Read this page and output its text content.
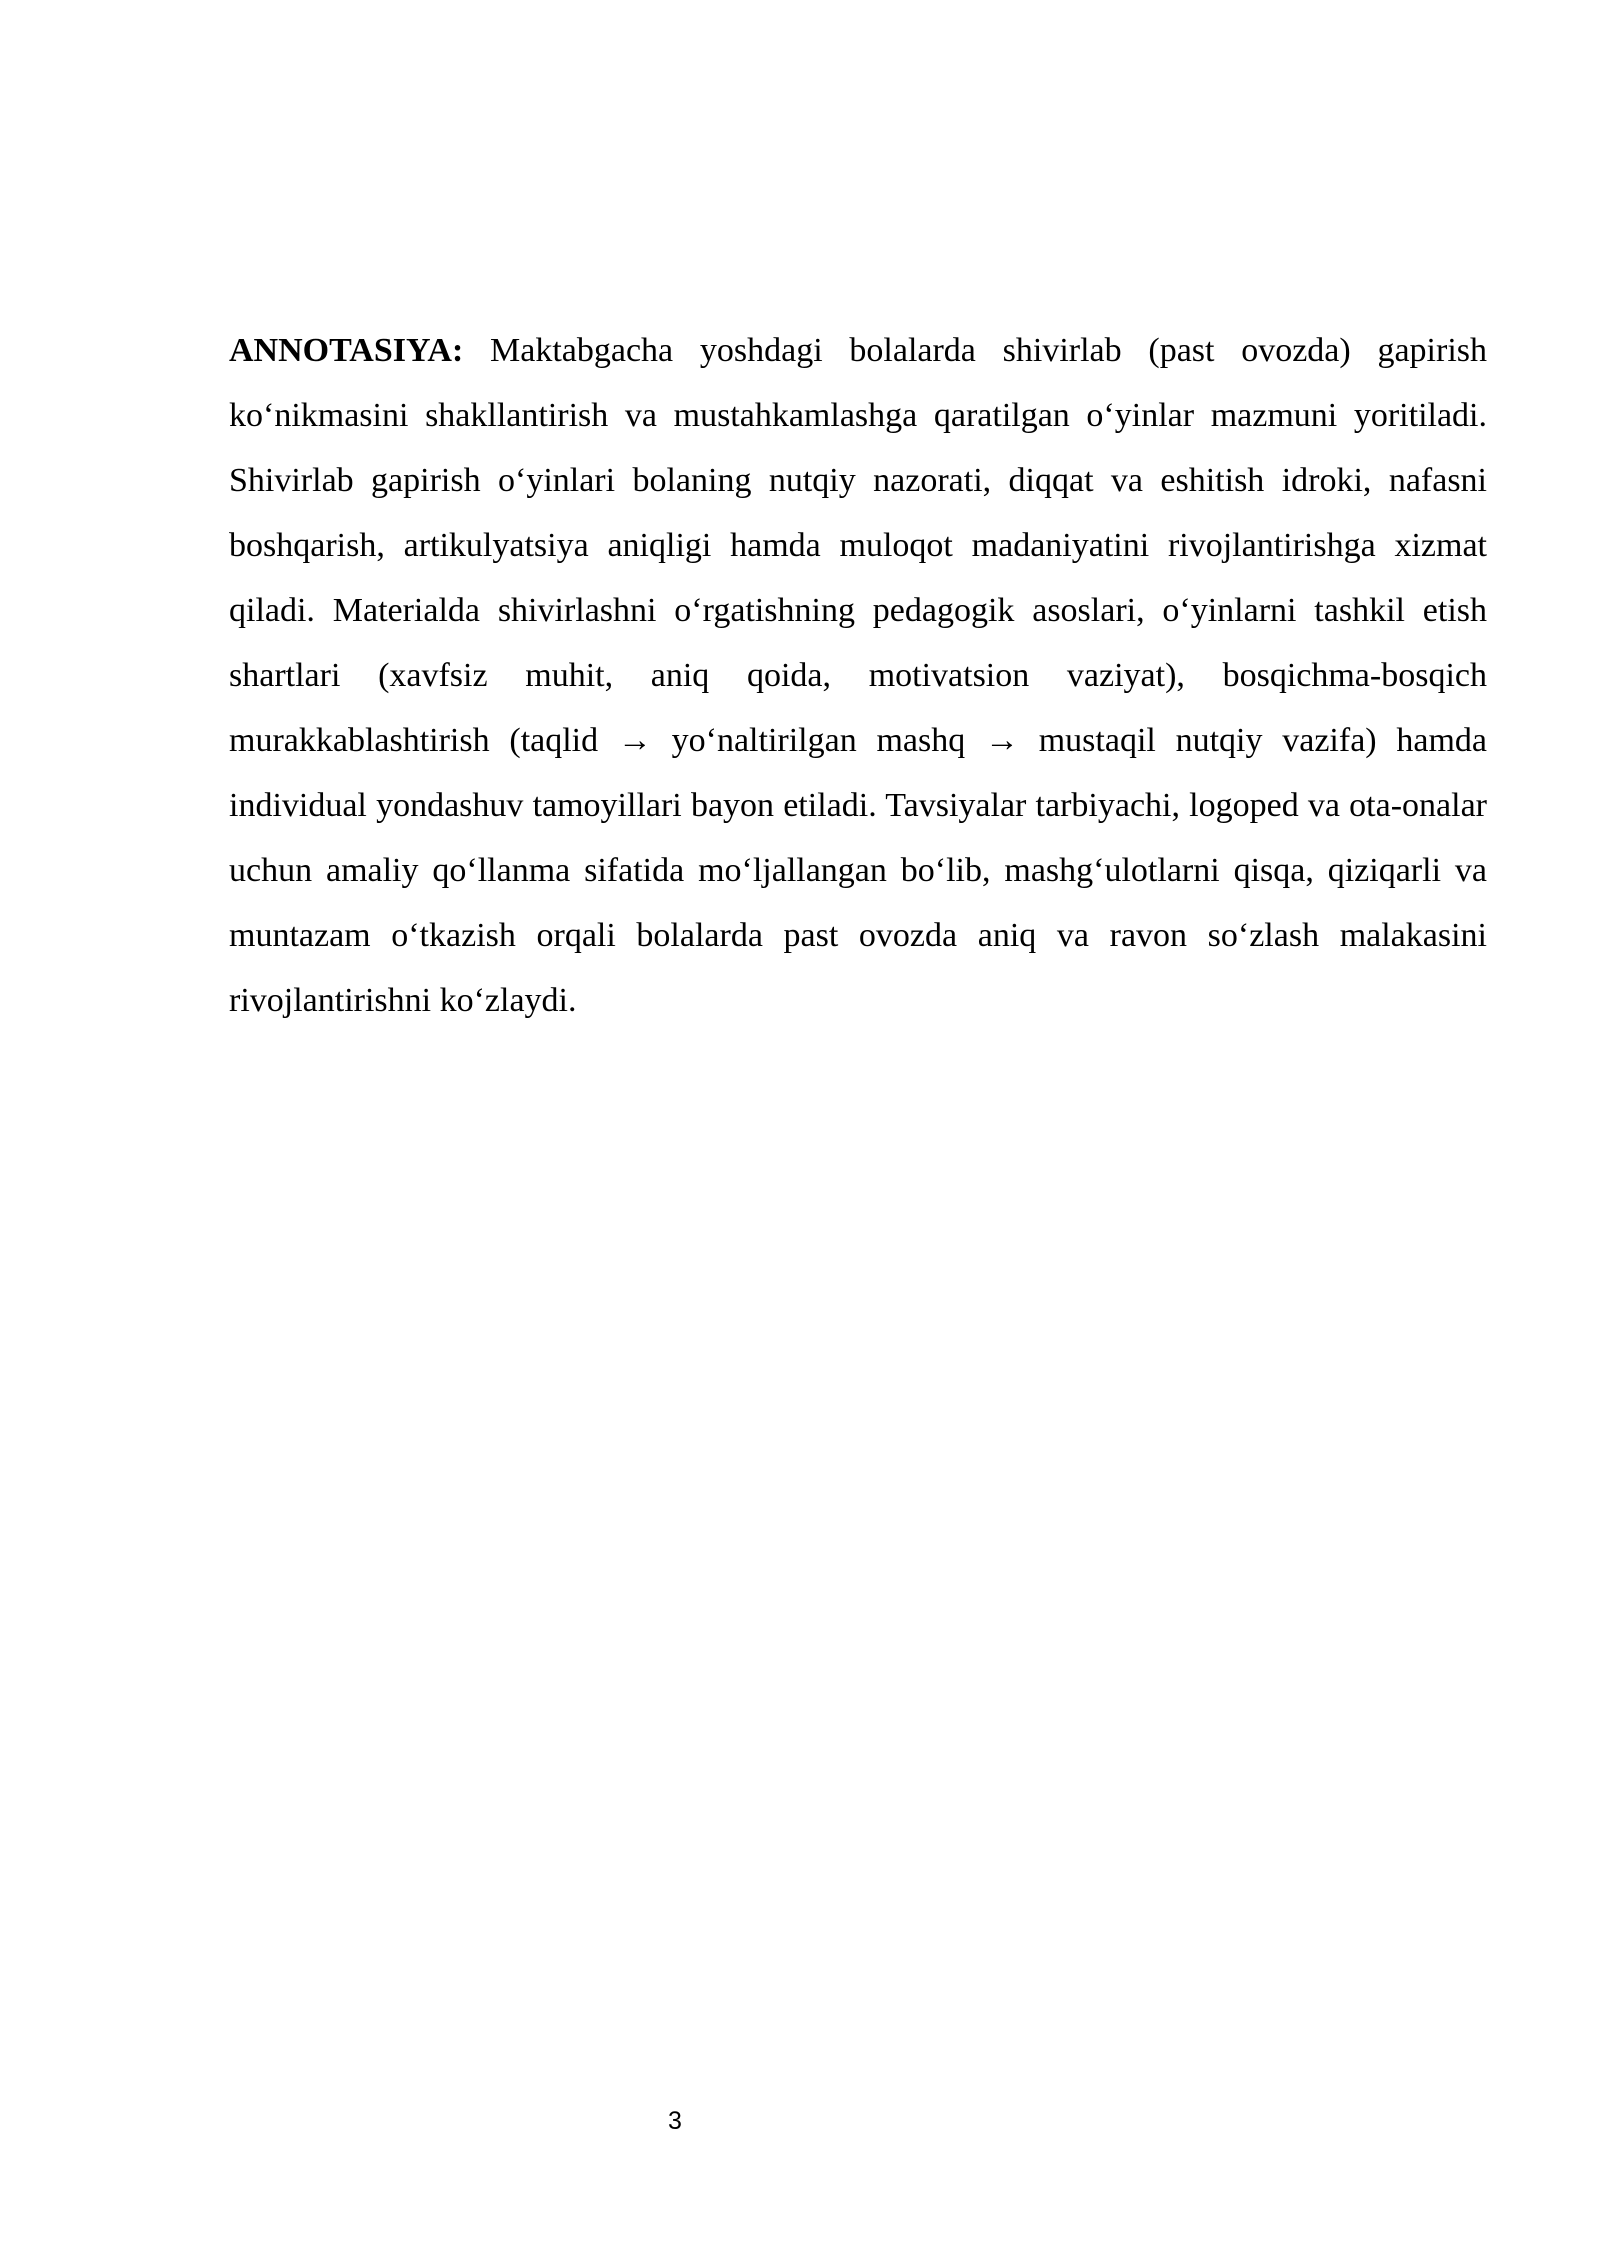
ANNOTASIYA: Maktabgacha yoshdagi bolalarda shivirlab (past ovozda) gapirish ko‘nikmasini shakllantirish va mustahkamlashga qaratilgan o‘yinlar mazmuni yoritiladi. Shivirlab gapirish o‘yinlari bolaning nutqiy nazorati, diqqat va eshitish idroki, nafasni boshqarish, artikulyatsiya aniqligi hamda muloqot madaniyatini rivojlantirishga xizmat qiladi. Materialda shivirlashni o‘rgatishning pedagogik asoslari, o‘yinlarni tashkil etish shartlari (xavfsiz muhit, aniq qoida, motivatsion vaziyat), bosqichma-bosqich murakkablashtirish (taqlid → yo‘naltirilgan mashq → mustaqil nutqiy vazifa) hamda individual yondashuv tamoyillari bayon etiladi. Tavsiyalar tarbiyachi, logoped va ota-onalar uchun amaliy qo‘llanma sifatida mo‘ljallangan bo‘lib, mashg‘ulotlarni qisqa, qiziqarli va muntazam o‘tkazish orqali bolalarda past ovozda aniq va ravon so‘zlash malakasini rivojlantirishni ko‘zlaydi.

3
